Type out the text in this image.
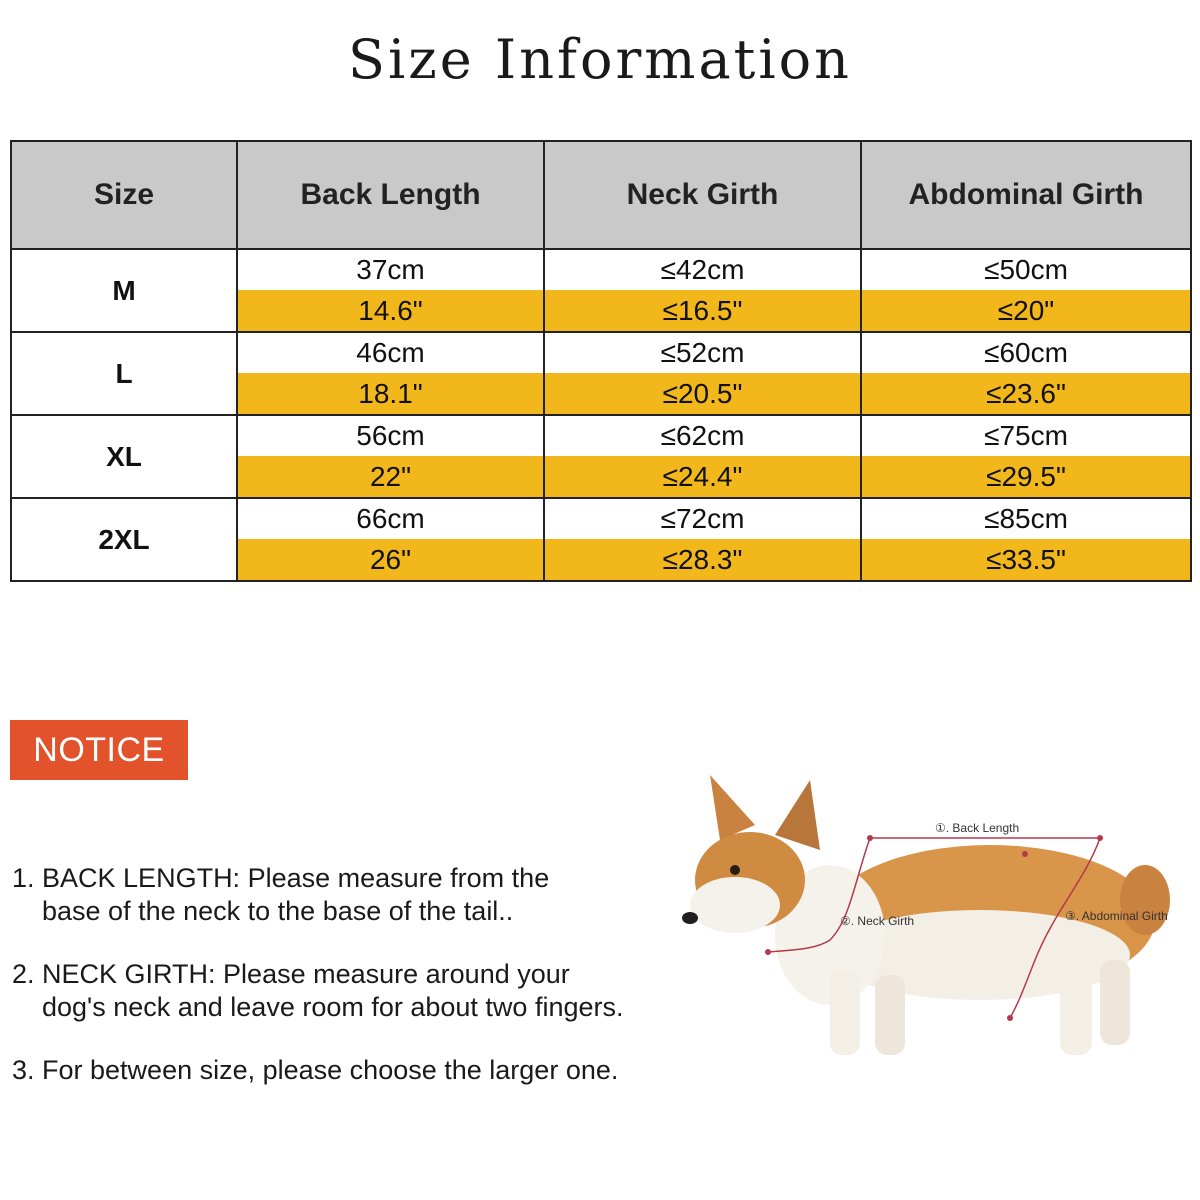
Size Information
Size	Back Length	Neck Girth	Abdominal Girth
M	37cm	≤42cm	≤50cm
	14.6"	≤16.5"	≤20"
L	46cm	≤52cm	≤60cm
	18.1"	≤20.5"	≤23.6"
XL	56cm	≤62cm	≤75cm
	22"	≤24.4"	≤29.5"
2XL	66cm	≤72cm	≤85cm
	26"	≤28.3"	≤33.5"
NOTICE
1. BACK LENGTH: Please measure from the
base of the neck to the base of the tail..
2. NECK GIRTH: Please measure around your
dog's neck and leave room for about two fingers.
3. For between size, please choose the larger one.
①. Back Length
②. Neck Girth	③. Abdominal Girth
